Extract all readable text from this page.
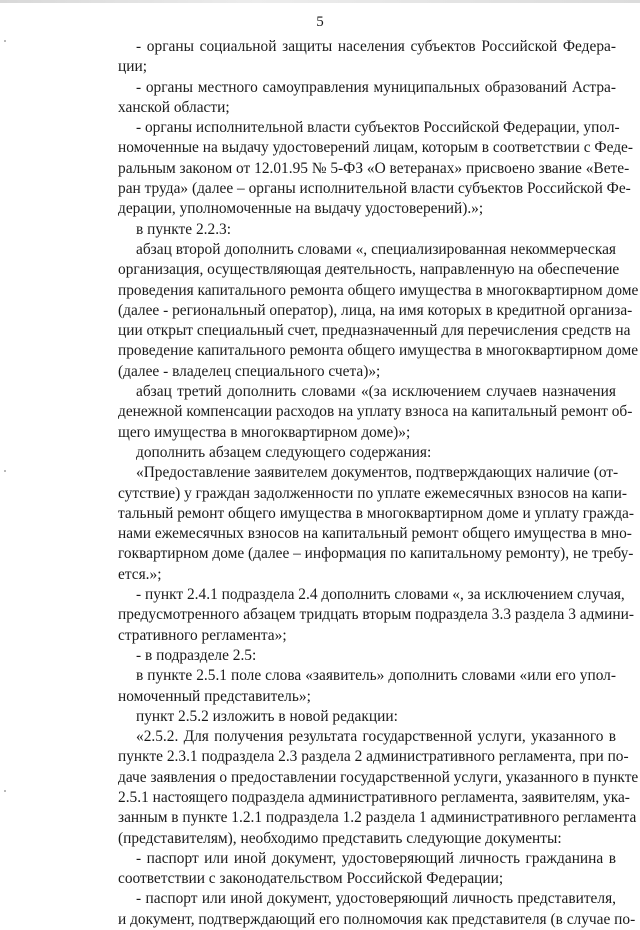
5
- органы социальной защиты населения субъектов Российской Федера-
ции;
- органы местного самоуправления муниципальных образований Астра-
ханской области;
- органы исполнительной власти субъектов Российской Федерации, упол-
номоченные на выдачу удостоверений лицам, которым в соответствии с Феде-
ральным законом от 12.01.95 № 5-ФЗ «О ветеранах» присвоено звание «Вете-
ран труда» (далее – органы исполнительной власти субъектов Российской Фе-
дерации, уполномоченные на выдачу удостоверений).»;
в пункте 2.2.3:
абзац второй дополнить словами «, специализированная некоммерческая
организация, осуществляющая деятельность, направленную на обеспечение
проведения капитального ремонта общего имущества в многоквартирном доме
(далее - региональный оператор), лица, на имя которых в кредитной организа-
ции открыт специальный счет, предназначенный для перечисления средств на
проведение капитального ремонта общего имущества в многоквартирном доме
(далее - владелец специального счета)»;
абзац третий дополнить словами «(за исключением случаев назначения
денежной компенсации расходов на уплату взноса на капитальный ремонт об-
щего имущества в многоквартирном доме)»;
дополнить абзацем следующего содержания:
«Предоставление заявителем документов, подтверждающих наличие (от-
сутствие) у граждан задолженности по уплате ежемесячных взносов на капи-
тальный ремонт общего имущества в многоквартирном доме и уплату гражда-
нами ежемесячных взносов на капитальный ремонт общего имущества в мно-
гоквартирном доме (далее – информация по капитальному ремонту), не требу-
ется.»;
- пункт 2.4.1 подраздела 2.4 дополнить словами «, за исключением случая,
предусмотренного абзацем тридцать вторым подраздела 3.3 раздела 3 админи-
стративного регламента»;
- в подразделе 2.5:
в пункте 2.5.1 поле слова «заявитель» дополнить словами «или его упол-
номоченный представитель»;
пункт 2.5.2 изложить в новой редакции:
«2.5.2. Для получения результата государственной услуги, указанного в
пункте 2.3.1 подраздела 2.3 раздела 2 административного регламента, при по-
даче заявления о предоставлении государственной услуги, указанного в пункте
2.5.1 настоящего подраздела административного регламента, заявителям, ука-
занным в пункте 1.2.1 подраздела 1.2 раздела 1 административного регламента
(представителям), необходимо представить следующие документы:
- паспорт или иной документ, удостоверяющий личность гражданина в
соответствии с законодательством Российской Федерации;
- паспорт или иной документ, удостоверяющий личность представителя,
и документ, подтверждающий его полномочия как представителя (в случае по-
